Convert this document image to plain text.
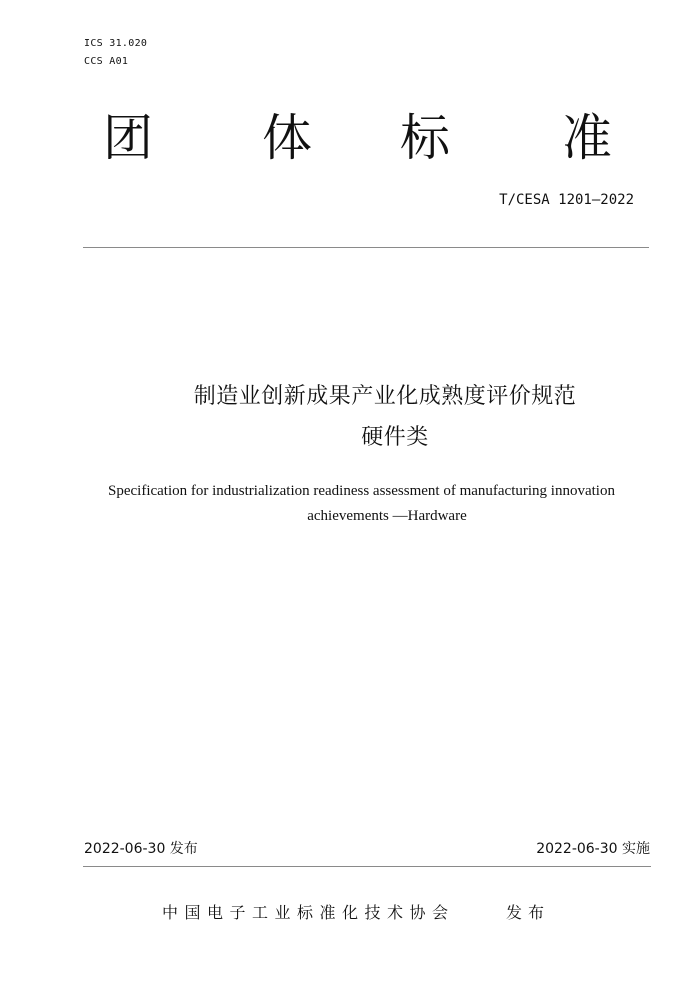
ICS 31.020
CCS A01
团 体 标 准
T/CESA 1201—2022
制造业创新成果产业化成熟度评价规范
硬件类
Specification for industrialization readiness assessment of manufacturing innovation
achievements —Hardware
2022-06-30 发布	2022-06-30 实施
中国电子工业标准化技术协会	发布
